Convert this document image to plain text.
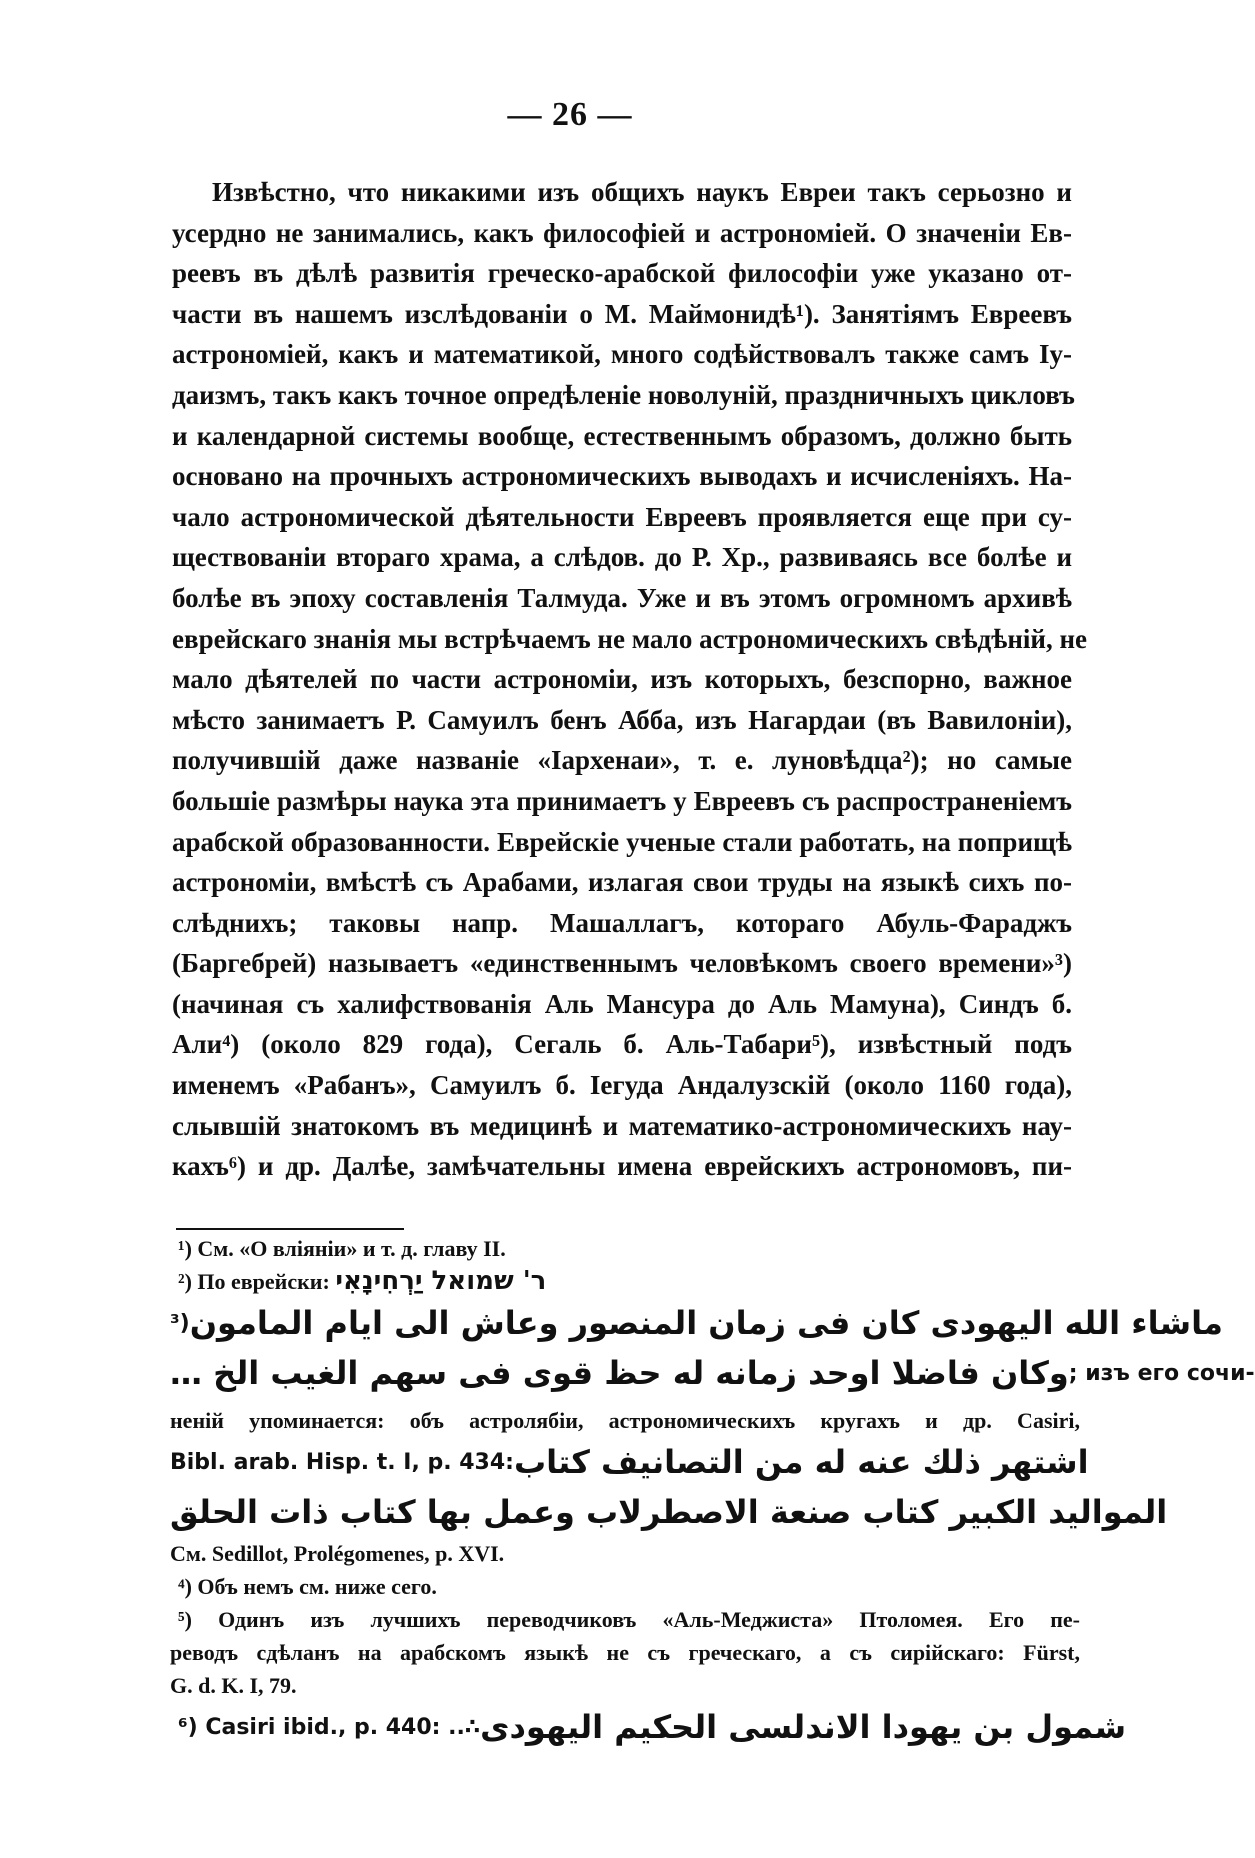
— 26 —
Извѣстно, что никакими изъ общихъ наукъ Евреи такъ серьозно и
усердно не занимались, какъ философіей и астрономіей. О значеніи Ев-
реевъ въ дѣлѣ развитія греческо-арабской философіи уже указано от-
части въ нашемъ изслѣдованіи о М. Маймонидѣ¹). Занятіямъ Евреевъ
астрономіей, какъ и математикой, много содѣйствовалъ также самъ Іу-
даизмъ, такъ какъ точное опредѣленіе новолуній, праздничныхъ цикловъ
и календарной системы вообще, естественнымъ образомъ, должно быть
основано на прочныхъ астрономическихъ выводахъ и исчисленіяхъ. На-
чало астрономической дѣятельности Евреевъ проявляется еще при су-
ществованіи втораго храма, а слѣдов. до Р. Хр., развиваясь все болѣе и
болѣе въ эпоху составленія Талмуда. Уже и въ этомъ огромномъ архивѣ
еврейскаго знанія мы встрѣчаемъ не мало астрономическихъ свѣдѣній, не
мало дѣятелей по части астрономіи, изъ которыхъ, безспорно, важное
мѣсто занимаетъ Р. Самуилъ бенъ Абба, изъ Нагардаи (въ Вавилоніи),
получившій даже названіе «Іархенаи», т. е. луновѣдца²); но самые
большіе размѣры наука эта принимаетъ у Евреевъ съ распространеніемъ
арабской образованности. Еврейскіе ученые стали работать, на поприщѣ
астрономіи, вмѣстѣ съ Арабами, излагая свои труды на языкѣ сихъ по-
слѣднихъ; таковы напр. Машаллагъ, котораго Абуль-Фараджъ
(Баргебрей) называетъ «единственнымъ человѣкомъ своего времени»³)
(начиная съ халифствованія Аль Мансура до Аль Мамуна), Синдъ б.
Али⁴) (около 829 года), Сегаль б. Аль-Табари⁵), извѣстный подъ
именемъ «Рабанъ», Самуилъ б. Іегуда Андалузскій (около 1160 года),
слывшій знатокомъ въ медицинѣ и математико-астрономическихъ нау-
кахъ⁶) и др. Далѣе, замѣчательны имена еврейскихъ астрономовъ, пи-
¹) См. «О вліяніи» и т. д. главу II.
²) По еврейски: ר' שמואל יַרְחִינָאִי
³) ماشاء الله اليهودى كان فى زمان المنصور وعاش الى ايام المامون
وكان فاضلا اوحد زمانه له حظ قوى فى سهم الغيب الخ … ; изъ его сочи-
неній упоминается: объ астролябіи, астрономическихъ кругахъ и др. Casiri,
Bibl. arab. Hisp. t. I, p. 434: اشتهر ذلك عنه له من التصانيف كتاب
المواليد الكبير كتاب صنعة الاصطرلاب وعمل بها كتاب ذات الحلق
См. Sedillot, Prolégomenes, p. XVI.
⁴) Объ немъ см. ниже сего.
⁵) Одинъ изъ лучшихъ переводчиковъ «Аль-Меджиста» Птоломея. Его пе-
реводъ сдѣланъ на арабскомъ языкѣ не съ греческаго, а съ сирійскаго: Fürst,
G. d. K. I, 79.
⁶) Casiri ibid., p. 440: ..∴ شمول بن يهودا الاندلسى الحكيم اليهودى
